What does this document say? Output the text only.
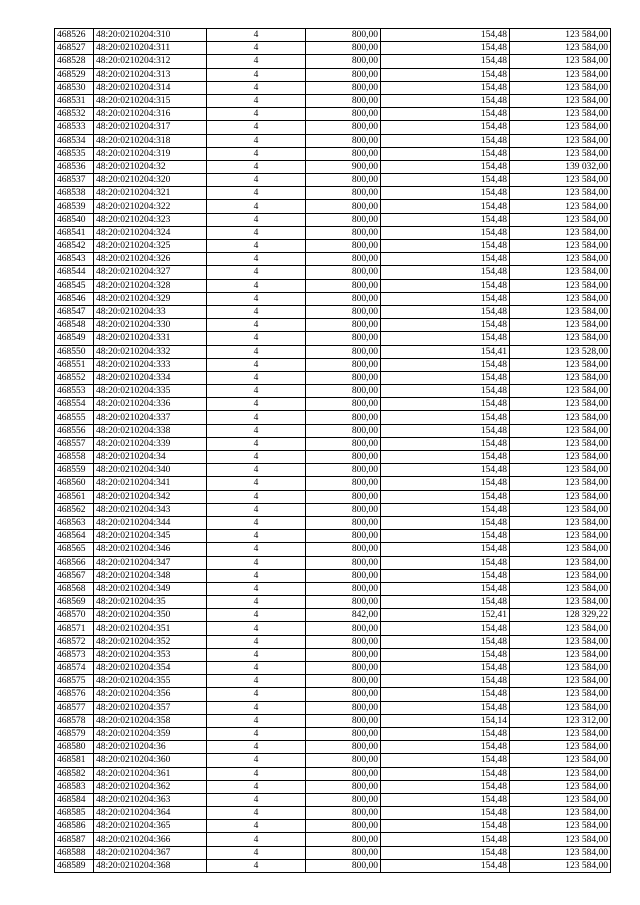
468526	48:20:0210204:310	4	800,00	154,48	123 584,00
468527	48:20:0210204:311	4	800,00	154,48	123 584,00
468528	48:20:0210204:312	4	800,00	154,48	123 584,00
468529	48:20:0210204:313	4	800,00	154,48	123 584,00
468530	48:20:0210204:314	4	800,00	154,48	123 584,00
468531	48:20:0210204:315	4	800,00	154,48	123 584,00
468532	48:20:0210204:316	4	800,00	154,48	123 584,00
468533	48:20:0210204:317	4	800,00	154,48	123 584,00
468534	48:20:0210204:318	4	800,00	154,48	123 584,00
468535	48:20:0210204:319	4	800,00	154,48	123 584,00
468536	48:20:0210204:32	4	900,00	154,48	139 032,00
468537	48:20:0210204:320	4	800,00	154,48	123 584,00
468538	48:20:0210204:321	4	800,00	154,48	123 584,00
468539	48:20:0210204:322	4	800,00	154,48	123 584,00
468540	48:20:0210204:323	4	800,00	154,48	123 584,00
468541	48:20:0210204:324	4	800,00	154,48	123 584,00
468542	48:20:0210204:325	4	800,00	154,48	123 584,00
468543	48:20:0210204:326	4	800,00	154,48	123 584,00
468544	48:20:0210204:327	4	800,00	154,48	123 584,00
468545	48:20:0210204:328	4	800,00	154,48	123 584,00
468546	48:20:0210204:329	4	800,00	154,48	123 584,00
468547	48:20:0210204:33	4	800,00	154,48	123 584,00
468548	48:20:0210204:330	4	800,00	154,48	123 584,00
468549	48:20:0210204:331	4	800,00	154,48	123 584,00
468550	48:20:0210204:332	4	800,00	154,41	123 528,00
468551	48:20:0210204:333	4	800,00	154,48	123 584,00
468552	48:20:0210204:334	4	800,00	154,48	123 584,00
468553	48:20:0210204:335	4	800,00	154,48	123 584,00
468554	48:20:0210204:336	4	800,00	154,48	123 584,00
468555	48:20:0210204:337	4	800,00	154,48	123 584,00
468556	48:20:0210204:338	4	800,00	154,48	123 584,00
468557	48:20:0210204:339	4	800,00	154,48	123 584,00
468558	48:20:0210204:34	4	800,00	154,48	123 584,00
468559	48:20:0210204:340	4	800,00	154,48	123 584,00
468560	48:20:0210204:341	4	800,00	154,48	123 584,00
468561	48:20:0210204:342	4	800,00	154,48	123 584,00
468562	48:20:0210204:343	4	800,00	154,48	123 584,00
468563	48:20:0210204:344	4	800,00	154,48	123 584,00
468564	48:20:0210204:345	4	800,00	154,48	123 584,00
468565	48:20:0210204:346	4	800,00	154,48	123 584,00
468566	48:20:0210204:347	4	800,00	154,48	123 584,00
468567	48:20:0210204:348	4	800,00	154,48	123 584,00
468568	48:20:0210204:349	4	800,00	154,48	123 584,00
468569	48:20:0210204:35	4	800,00	154,48	123 584,00
468570	48:20:0210204:350	4	842,00	152,41	128 329,22
468571	48:20:0210204:351	4	800,00	154,48	123 584,00
468572	48:20:0210204:352	4	800,00	154,48	123 584,00
468573	48:20:0210204:353	4	800,00	154,48	123 584,00
468574	48:20:0210204:354	4	800,00	154,48	123 584,00
468575	48:20:0210204:355	4	800,00	154,48	123 584,00
468576	48:20:0210204:356	4	800,00	154,48	123 584,00
468577	48:20:0210204:357	4	800,00	154,48	123 584,00
468578	48:20:0210204:358	4	800,00	154,14	123 312,00
468579	48:20:0210204:359	4	800,00	154,48	123 584,00
468580	48:20:0210204:36	4	800,00	154,48	123 584,00
468581	48:20:0210204:360	4	800,00	154,48	123 584,00
468582	48:20:0210204:361	4	800,00	154,48	123 584,00
468583	48:20:0210204:362	4	800,00	154,48	123 584,00
468584	48:20:0210204:363	4	800,00	154,48	123 584,00
468585	48:20:0210204:364	4	800,00	154,48	123 584,00
468586	48:20:0210204:365	4	800,00	154,48	123 584,00
468587	48:20:0210204:366	4	800,00	154,48	123 584,00
468588	48:20:0210204:367	4	800,00	154,48	123 584,00
468589	48:20:0210204:368	4	800,00	154,48	123 584,00
